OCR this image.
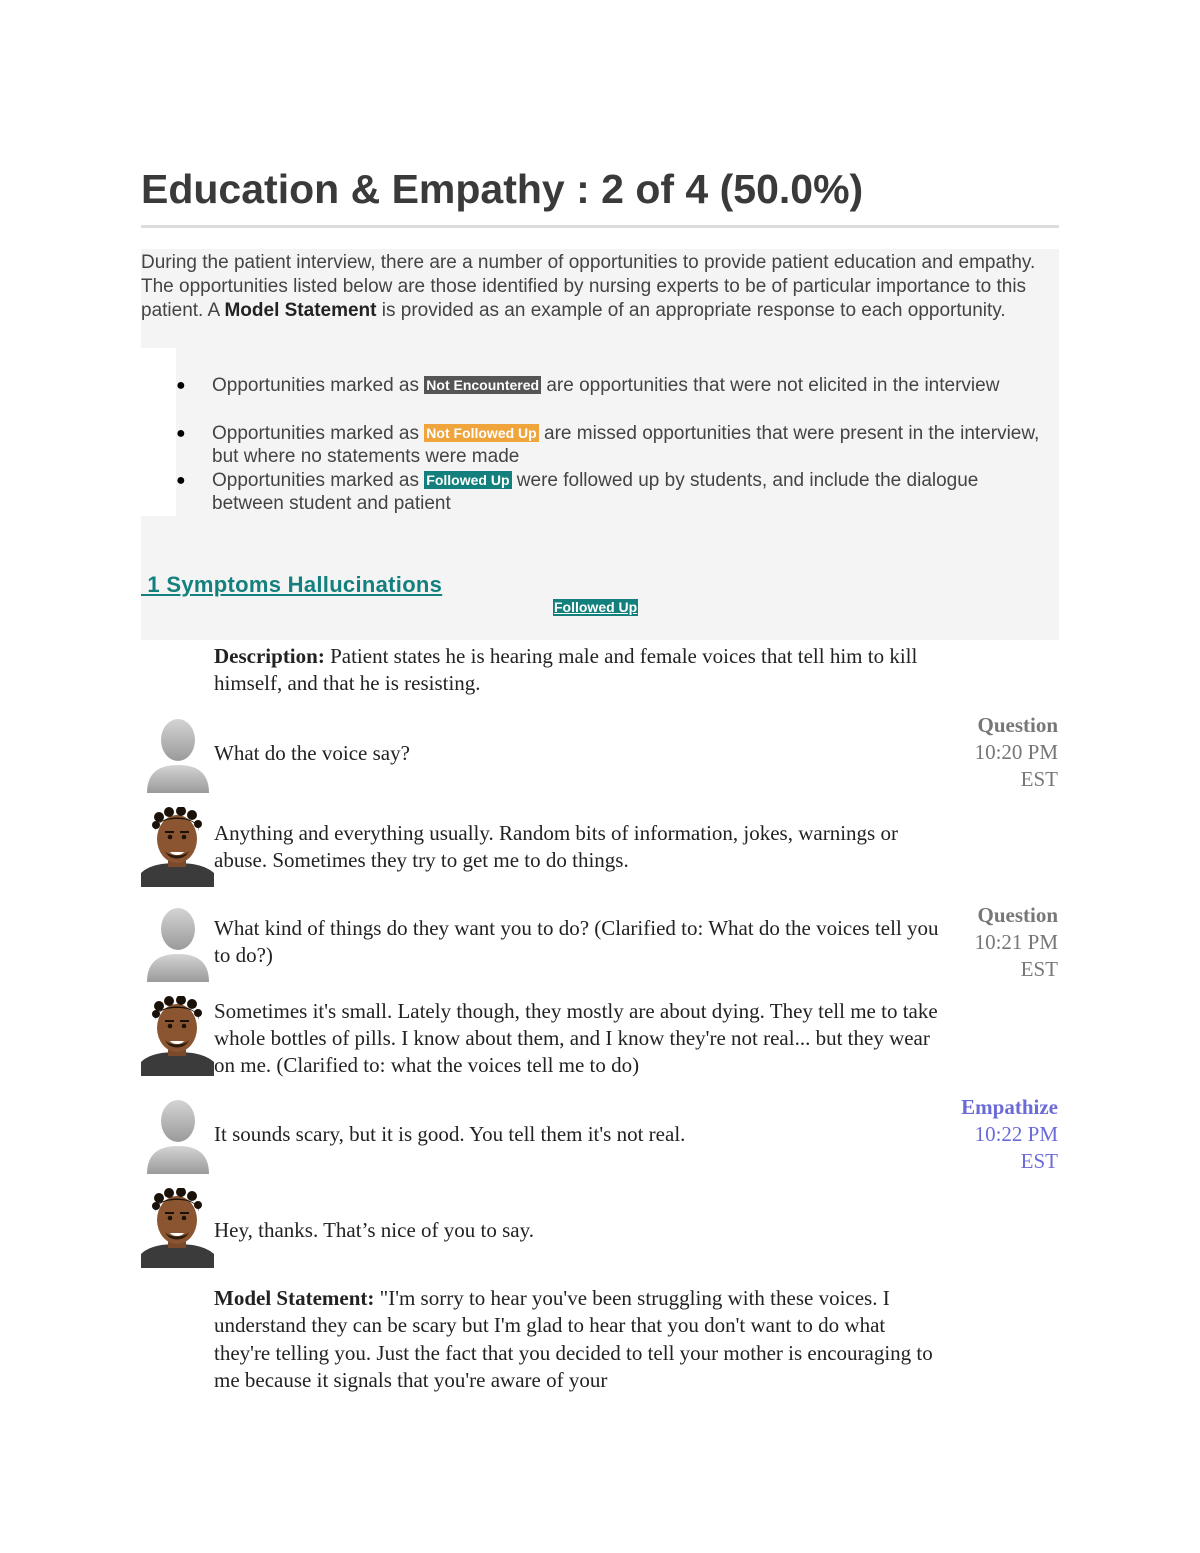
Education & Empathy : 2 of 4 (50.0%)
During the patient interview, there are a number of opportunities to provide patient education and empathy. The opportunities listed below are those identified by nursing experts to be of particular importance to this patient. A Model Statement is provided as an example of an appropriate response to each opportunity.
● Opportunities marked as Not Encountered are opportunities that were not elicited in the interview
● Opportunities marked as Not Followed Up are missed opportunities that were present in the interview, but where no statements were made
● Opportunities marked as Followed Up were followed up by students, and include the dialogue between student and patient
1 Symptoms Hallucinations
Followed Up
Description: Patient states he is hearing male and female voices that tell him to kill himself, and that he is resisting.
What do the voice say?
Question
10:20 PM
EST
Anything and everything usually. Random bits of information, jokes, warnings or abuse. Sometimes they try to get me to do things.
What kind of things do they want you to do? (Clarified to: What do the voices tell you to do?)
Question
10:21 PM
EST
Sometimes it's small. Lately though, they mostly are about dying. They tell me to take whole bottles of pills. I know about them, and I know they're not real... but they wear on me. (Clarified to: what the voices tell me to do)
It sounds scary, but it is good. You tell them it's not real.
Empathize
10:22 PM
EST
Hey, thanks. That’s nice of you to say.
Model Statement: "I'm sorry to hear you've been struggling with these voices. I understand they can be scary but I'm glad to hear that you don't want to do what they're telling you. Just the fact that you decided to tell your mother is encouraging to me because it signals that you're aware of your
